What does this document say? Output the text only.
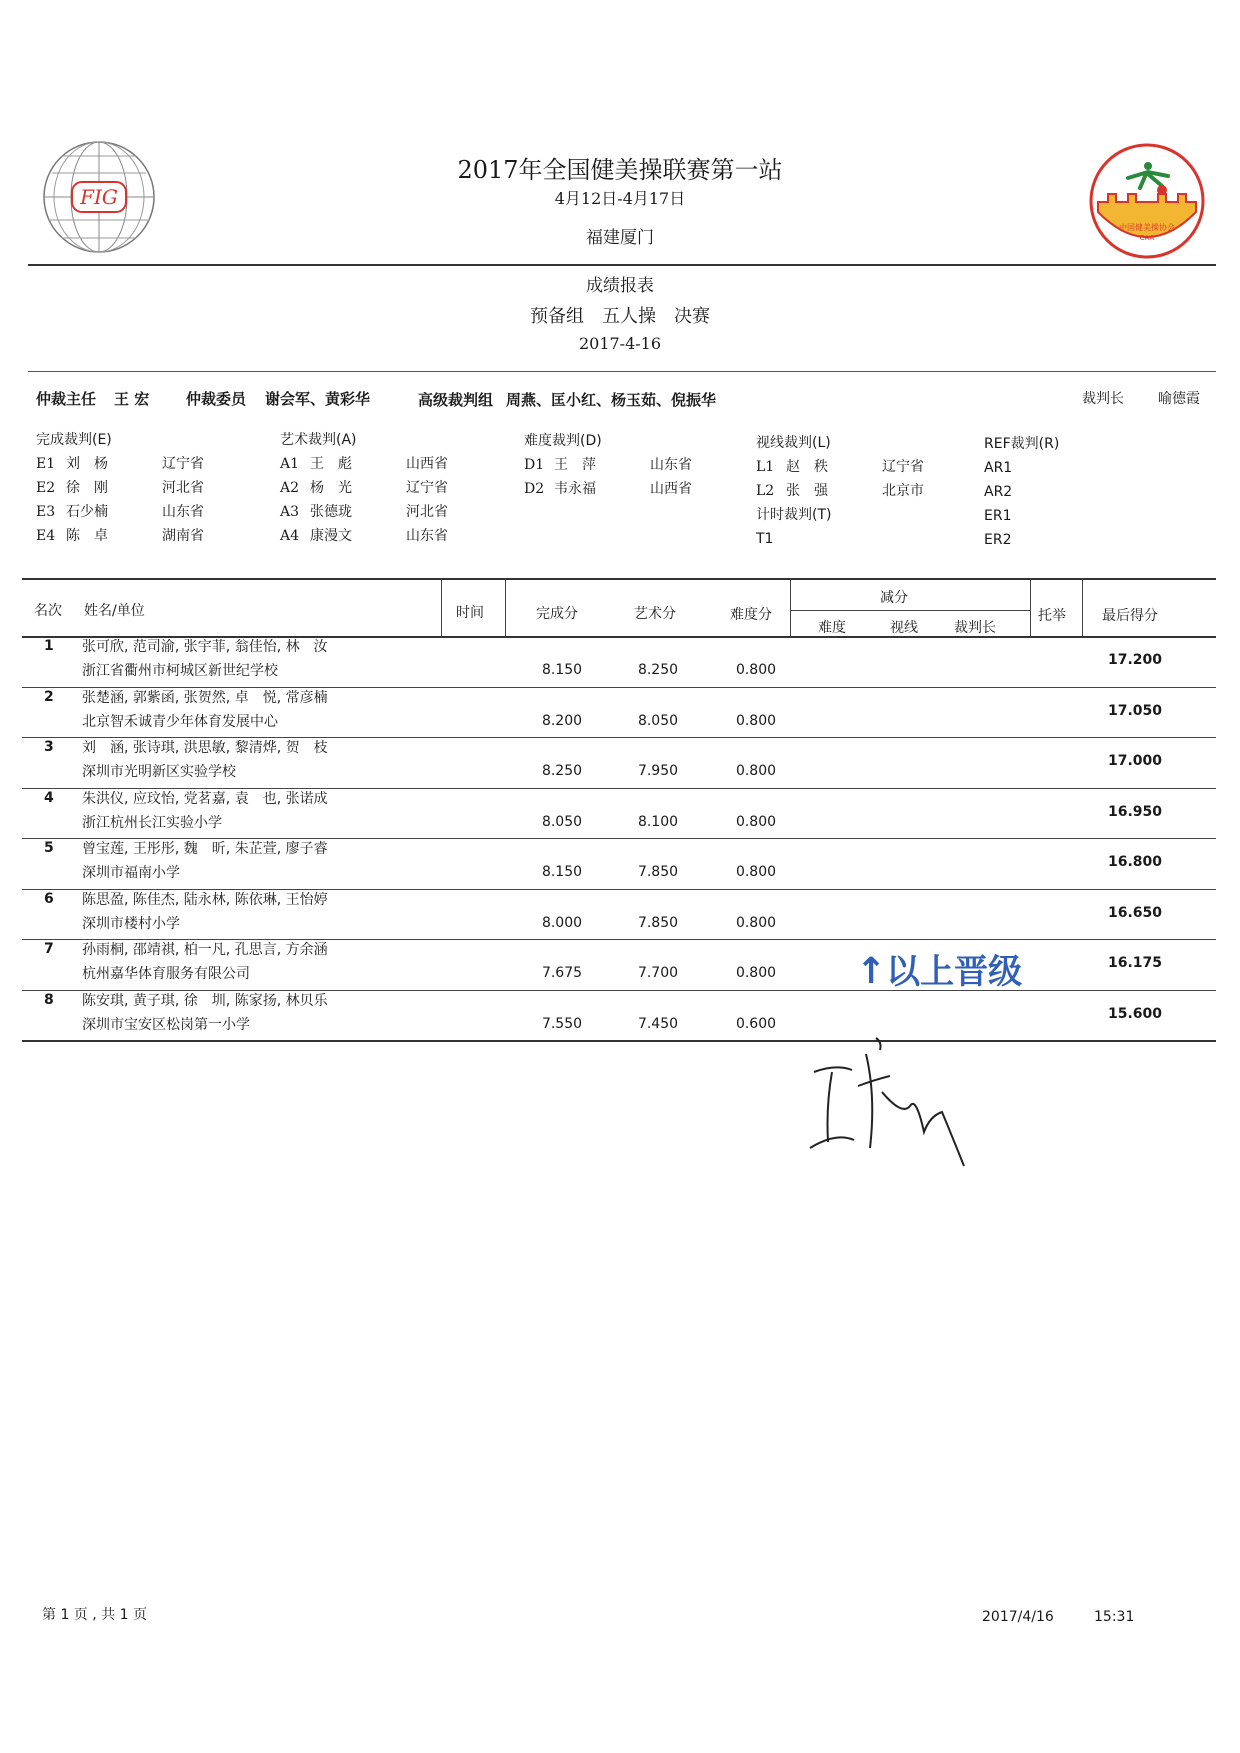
FIG
中国健美操协会
CAA
2017年全国健美操联赛第一站
4月12日-4月17日
福建厦门
成绩报表
预备组　五人操　决赛
2017-4-16
仲裁主任 王 宏 仲裁委员 谢会军、黄彩华	高级裁判组 周燕、匡小红、杨玉茹、倪振华	裁判长 喻德霞
完成裁判(E)
E1 刘　杨	辽宁省
E2 徐　刚	河北省
E3 石少楠	山东省
E4 陈　卓	湖南省
艺术裁判(A)
A1 王　彪	山西省
A2 杨　光	辽宁省
A3 张德珑	河北省
A4 康漫文	山东省
难度裁判(D)
D1 王　萍	山东省
D2 韦永福	山西省
视线裁判(L)
L1 赵　秩	辽宁省
L2 张　强	北京市
计时裁判(T)
T1
REF裁判(R)
AR1
AR2
ER1
ER2
名次 姓名/单位	时间	完成分	艺术分	难度分
减分
难度	视线	裁判长
托举	最后得分
1 张可欣, 范司渝, 张宇菲, 翁佳怡, 林　汝
浙江省衢州市柯城区新世纪学校	8.150	8.250	0.800
17.200
2 张楚涵, 郭紫函, 张贺然, 卓　悦, 常彦楠
北京智禾诚青少年体育发展中心	8.200	8.050	0.800
17.050
3 刘　涵, 张诗琪, 洪思敏, 黎清烨, 贺　枝
深圳市光明新区实验学校	8.250	7.950	0.800
17.000
4 朱洪仪, 应玟怡, 党茗嘉, 袁　也, 张诺成
浙江杭州长江实验小学	8.050	8.100	0.800
16.950
5 曾宝莲, 王彤彤, 魏　昕, 朱芷萱, 廖子睿
深圳市福南小学	8.150	7.850	0.800
16.800
6 陈思盈, 陈佳杰, 陆永林, 陈依琳, 王怡婷
深圳市楼村小学	8.000	7.850	0.800
16.650
7 孙雨桐, 邵靖祺, 柏一凡, 孔思言, 方余涵
杭州嘉华体育服务有限公司	7.675	7.700	0.800
16.175
8 陈安琪, 黄子琪, 徐　圳, 陈家扬, 林贝乐
深圳市宝安区松岗第一小学	7.550	7.450	0.600
15.600
↑以上晋级
第 1 页 , 共 1 页	2017/4/16	15:31
